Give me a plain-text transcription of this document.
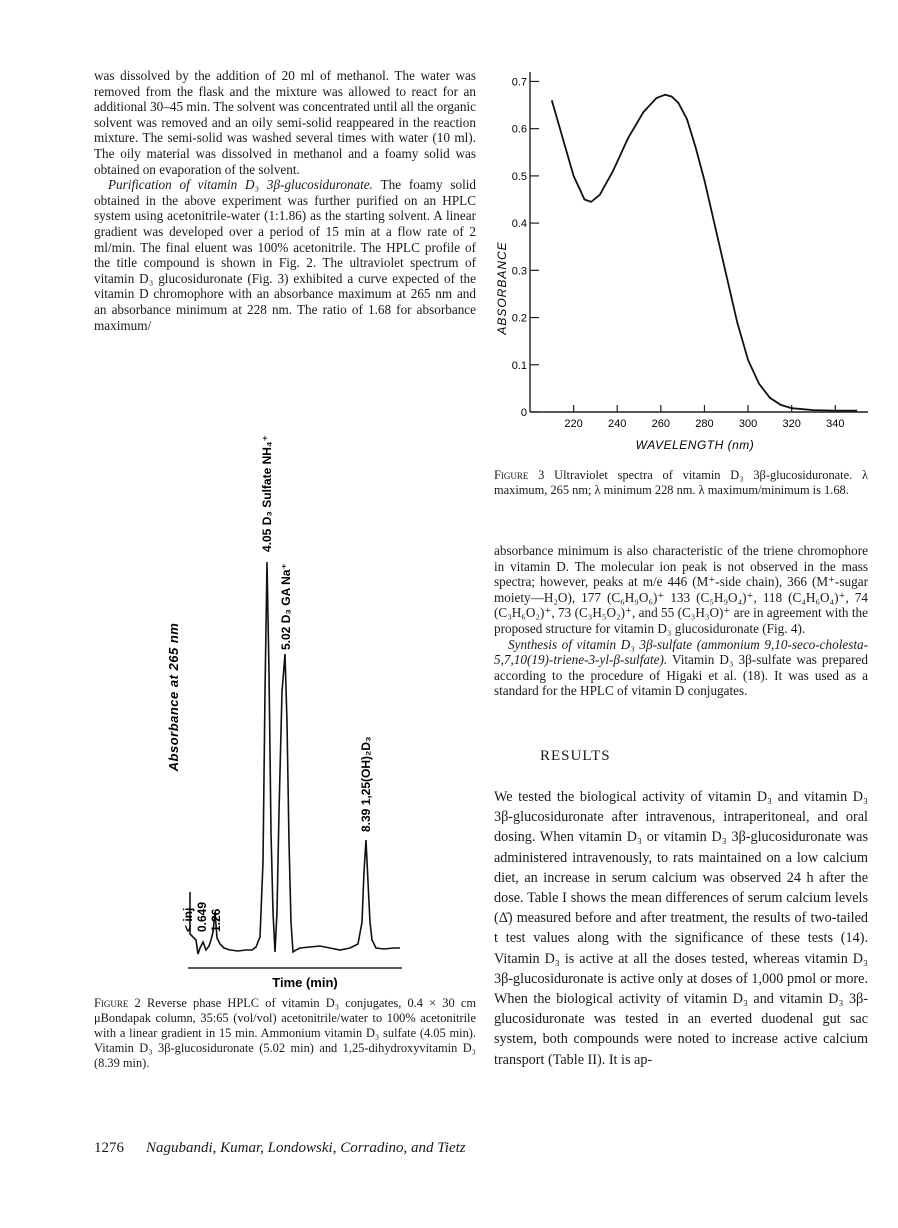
was dissolved by the addition of 20 ml of methanol. The water was removed from the flask and the mixture was allowed to react for an additional 30–45 min. The solvent was concentrated until all the organic solvent was removed and an oily semi-solid reappeared in the reaction mixture. The semi-solid was washed several times with water (10 ml). The oily material was dissolved in methanol and a foamy solid was obtained on evaporation of the solvent.

Purification of vitamin D₃ 3β-glucosiduronate. The foamy solid obtained in the above experiment was further purified on an HPLC system using acetonitrile-water (1:1.86) as the starting solvent. A linear gradient was developed over a period of 15 min at a flow rate of 2 ml/min. The final eluent was 100% acetonitrile. The HPLC profile of the title compound is shown in Fig. 2. The ultraviolet spectrum of vitamin D₃ glucosiduronate (Fig. 3) exhibited a curve expected of the vitamin D chromophore with an absorbance maximum at 265 nm and an absorbance minimum at 228 nm. The ratio of 1.68 for absorbance maximum/

0
0.1
0.2
0.3
0.4
0.5
0.6
0.7
220 240 260 280 300 320 340
ABSORBANCE
WAVELENGTH (nm)
Figure 3 Ultraviolet spectra of vitamin D₃ 3β-glucosiduronate. λ maximum, 265 nm; λ minimum 228 nm. λ maximum/minimum is 1.68.
Absorbance at 265 nm
Time (min)
< inj 0.649 1.26
4.05 D₃ Sulfate NH₄⁺
5.02 D₃ GA Na⁺
8.39 1,25(OH)₂D₃
Figure 2 Reverse phase HPLC of vitamin D₃ conjugates, 0.4 × 30 cm μBondapak column, 35:65 (vol/vol) acetonitrile/water to 100% acetonitrile with a linear gradient in 15 min. Ammonium vitamin D₃ sulfate (4.05 min). Vitamin D₃ 3β-glucosiduronate (5.02 min) and 1,25-dihydroxyvitamin D₃ (8.39 min).

absorbance minimum is also characteristic of the triene chromophore in vitamin D. The molecular ion peak is not observed in the mass spectra; however, peaks at m/e 446 (M⁺-side chain), 366 (M⁺-sugar moiety—H₂O), 177 (C₆H₉O₆)⁺ 133 (C₅H₉O₄)⁺, 118 (C₄H₆O₄)⁺, 74 (C₃H₆O₂)⁺, 73 (C₃H₅O₂)⁺, and 55 (C₃H₃O)⁺ are in agreement with the proposed structure for vitamin D₃ glucosiduronate (Fig. 4).

Synthesis of vitamin D₃ 3β-sulfate (ammonium 9,10-seco-cholesta-5,7,10(19)-triene-3-yl-β-sulfate). Vitamin D₃ 3β-sulfate was prepared according to the procedure of Higaki et al. (18). It was used as a standard for the HPLC of vitamin D conjugates.

RESULTS
We tested the biological activity of vitamin D₃ and vitamin D₃ 3β-glucosiduronate after intravenous, intraperitoneal, and oral dosing. When vitamin D₃ or vitamin D₃ 3β-glucosiduronate was administered intravenously, to rats maintained on a low calcium diet, an increase in serum calcium was observed 24 h after the dose. Table I shows the mean differences of serum calcium levels (Δ̄) measured before and after treatment, the results of two-tailed t test values along with the significance of these tests (14). Vitamin D₃ is active at all the doses tested, whereas vitamin D₃ 3β-glucosiduronate is active only at doses of 1,000 pmol or more. When the biological activity of vitamin D₃ and vitamin D₃ 3β-glucosiduronate was tested in an everted duodenal gut sac system, both compounds were noted to increase active calcium transport (Table II). It is ap-
1276 Nagubandi, Kumar, Londowski, Corradino, and Tietz
